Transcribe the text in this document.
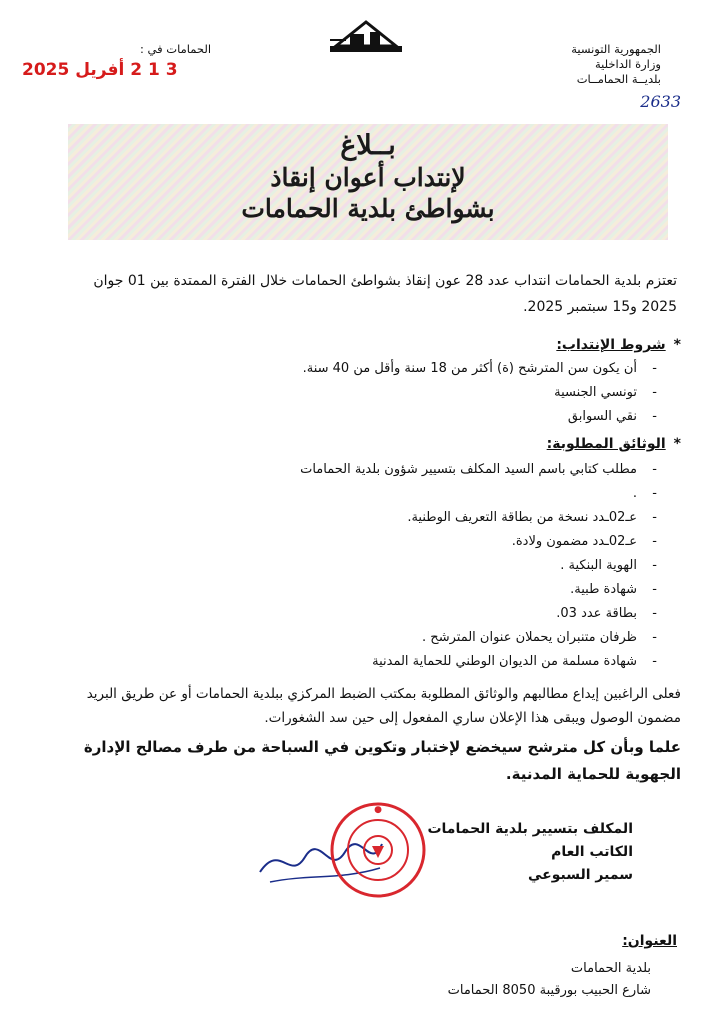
الجمهورية التونسية
وزارة الداخلية
بلديــة الحمامــات
2633
الحمامات في :
3 1 2 أفريل 2025
بــلاغ
لإنتداب أعوان إنقاذ
بشواطئ بلدية الحمامات
تعتزم بلدية الحمامات انتداب عدد 28 عون إنقاذ بشواطئ الحمامات خلال الفترة الممتدة بين 01 جوان 2025 و15 سبتمبر 2025.
*شروط الإنتداب:
- أن يكون سن المترشح (ة) أكثر من 18 سنة وأقل من 40 سنة.
- تونسي الجنسية
- نقي السوابق
*الوثائق المطلوبة:
- مطلب كتابي باسم السيد المكلف بتسيير شؤون بلدية الحمامات
- .
- عـ02ـدد نسخة من بطاقة التعريف الوطنية.
- عـ02ـدد مضمون ولادة.
- الهوية البنكية .
- شهادة طبية.
- بطاقة عدد 03.
- ظرفان متنبران يحملان عنوان المترشح .
- شهادة مسلمة من الديوان الوطني للحماية المدنية
فعلى الراغبين إيداع مطالبهم والوثائق المطلوبة بمكتب الضبط المركزي ببلدية الحمامات أو عن طريق البريد مضمون الوصول ويبقى هذا الإعلان ساري المفعول إلى حين سد الشغورات.
علما وبأن كل مترشح سيخضع لإختبار وتكوين في السباحة من طرف مصالح الإدارة الجهوية للحماية المدنية.
المكلف بتسيير بلدية الحمامات
الكاتب العام
سمير السبوعي
●
العنوان:
بلدية الحمامات
شارع الحبيب بورقيبة 8050 الحمامات
